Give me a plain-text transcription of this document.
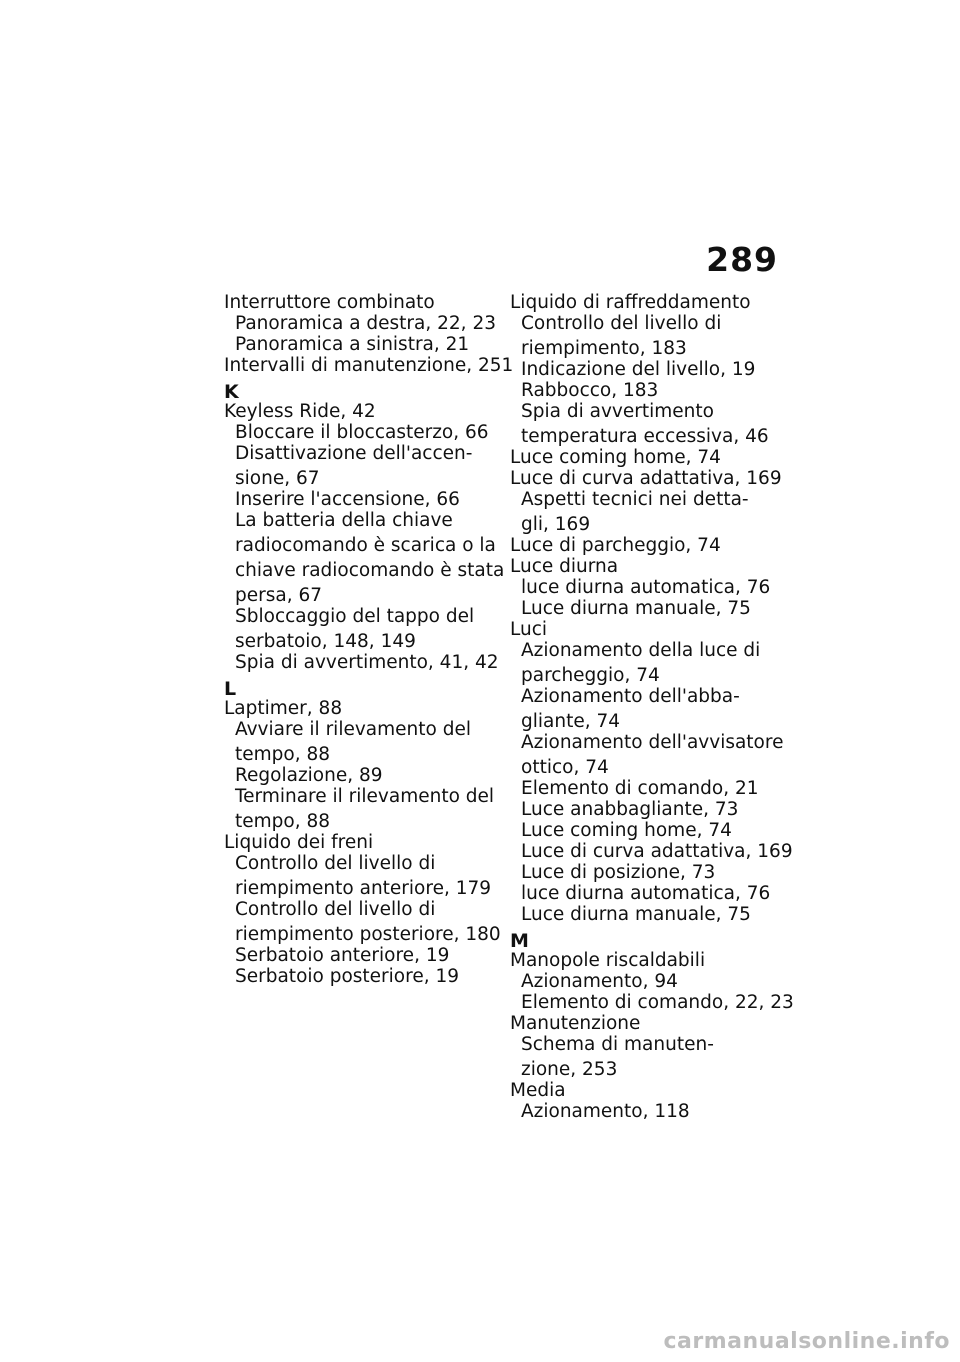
289
Interruttore combinato
Panoramica a destra, 22, 23
Panoramica a sinistra, 21
Intervalli di manutenzione, 251
K
Keyless Ride, 42
Bloccare il bloccasterzo, 66
Disattivazione dell'accen-
sione, 67
Inserire l'accensione, 66
La batteria della chiave
radiocomando è scarica o la
chiave radiocomando è stata
persa, 67
Sbloccaggio del tappo del
serbatoio, 148, 149
Spia di avvertimento, 41, 42
L
Laptimer, 88
Avviare il rilevamento del
tempo, 88
Regolazione, 89
Terminare il rilevamento del
tempo, 88
Liquido dei freni
Controllo del livello di
riempimento anteriore, 179
Controllo del livello di
riempimento posteriore, 180
Serbatoio anteriore, 19
Serbatoio posteriore, 19
Liquido di raffreddamento
Controllo del livello di
riempimento, 183
Indicazione del livello, 19
Rabbocco, 183
Spia di avvertimento
temperatura eccessiva, 46
Luce coming home, 74
Luce di curva adattativa, 169
Aspetti tecnici nei detta-
gli, 169
Luce di parcheggio, 74
Luce diurna
luce diurna automatica, 76
Luce diurna manuale, 75
Luci
Azionamento della luce di
parcheggio, 74
Azionamento dell'abba-
gliante, 74
Azionamento dell'avvisatore
ottico, 74
Elemento di comando, 21
Luce anabbagliante, 73
Luce coming home, 74
Luce di curva adattativa, 169
Luce di posizione, 73
luce diurna automatica, 76
Luce diurna manuale, 75
M
Manopole riscaldabili
Azionamento, 94
Elemento di comando, 22, 23
Manutenzione
Schema di manuten-
zione, 253
Media
Azionamento, 118
carmanualsonline.info
